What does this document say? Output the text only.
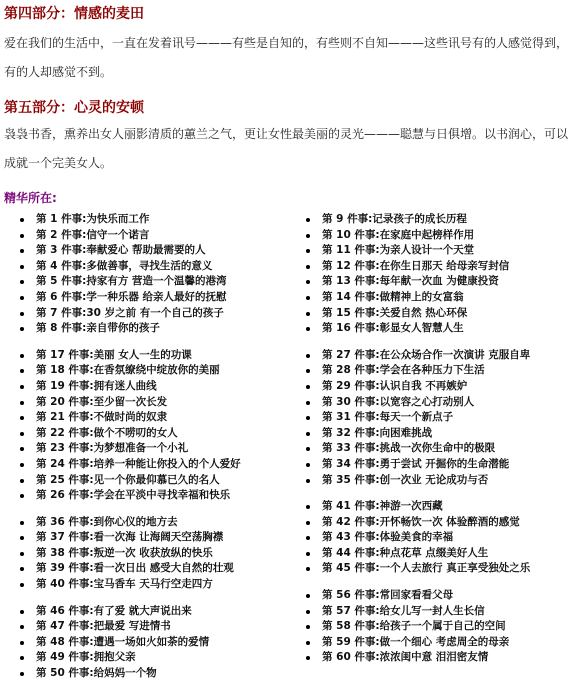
第四部分：情感的麦田

爱在我们的生活中，一直在发着讯号———有些是自知的，有些则不自知———这些讯号有的人感觉得到，有的人却感觉不到。

第五部分：心灵的安顿

袅袅书香，熏养出女人丽影清质的蕙兰之气，更让女性最美丽的灵光———聪慧与日俱增。以书润心，可以成就一个完美女人。

精华所在:
第 1 件事:为快乐而工作
第 2 件事:信守一个诺言
第 3 件事:奉献爱心 帮助最需要的人
第 4 件事:多做善事，寻找生活的意义
第 5 件事:持家有方 营造一个温馨的港湾
第 6 件事:学一种乐器 给亲人最好的抚慰
第 7 件事:30 岁之前 有一个自己的孩子
第 8 件事:亲自带你的孩子
第 17 件事:美丽 女人一生的功课
第 18 件事:在香氛缭绕中绽放你的美丽
第 19 件事:拥有迷人曲线
第 20 件事:至少留一次长发
第 21 件事:不做时尚的奴隶
第 22 件事:做个不唠叨的女人
第 23 件事:为梦想准备一个小礼
第 24 件事:培养一种能让你投入的个人爱好
第 25 件事:见一个你最仰慕已久的名人
第 26 件事:学会在平淡中寻找幸福和快乐
第 36 件事:到你心仪的地方去
第 37 件事:看一次海 让海阔天空荡胸襟
第 38 件事:叛逆一次 收获放纵的快乐
第 39 件事:看一次日出 感受大自然的壮观
第 40 件事:宝马香车 天马行空走四方
第 46 件事:有了爱 就大声说出来
第 47 件事:把最爱 写进情书
第 48 件事:遭遇一场如火如荼的爱情
第 49 件事:拥抱父亲
第 50 件事:给妈妈一个物
第 9 件事:记录孩子的成长历程
第 10 件事:在家庭中起榜样作用
第 11 件事:为亲人设计一个天堂
第 12 件事:在你生日那天 给母亲写封信
第 13 件事:每年献一次血 为健康投资
第 14 件事:做精神上的女富翁
第 15 件事:关爱自然 热心环保
第 16 件事:彰显女人智慧人生
第 27 件事:在公众场合作一次演讲 克服自卑
第 28 件事:学会在各种压力下生活
第 29 件事:认识自我 不再嫉妒
第 30 件事:以宽容之心打动别人
第 31 件事:每天一个新点子
第 32 件事:向困难挑战
第 33 件事:挑战一次你生命中的极限
第 34 件事:勇于尝试 开掘你的生命潜能
第 35 件事:创一次业 无论成功与否
第 41 件事:神游一次西藏
第 42 件事:开怀畅饮一次 体验醉酒的感觉
第 43 件事:体验美食的幸福
第 44 件事:种点花草 点缀美好人生
第 45 件事:一个人去旅行 真正享受独处之乐
第 56 件事:常回家看看父母
第 57 件事:给女儿写一封人生长信
第 58 件事:给孩子一个属于自己的空间
第 59 件事:做一个细心 考虑周全的母亲
第 60 件事:浓浓闺中意 泪泪密友情
